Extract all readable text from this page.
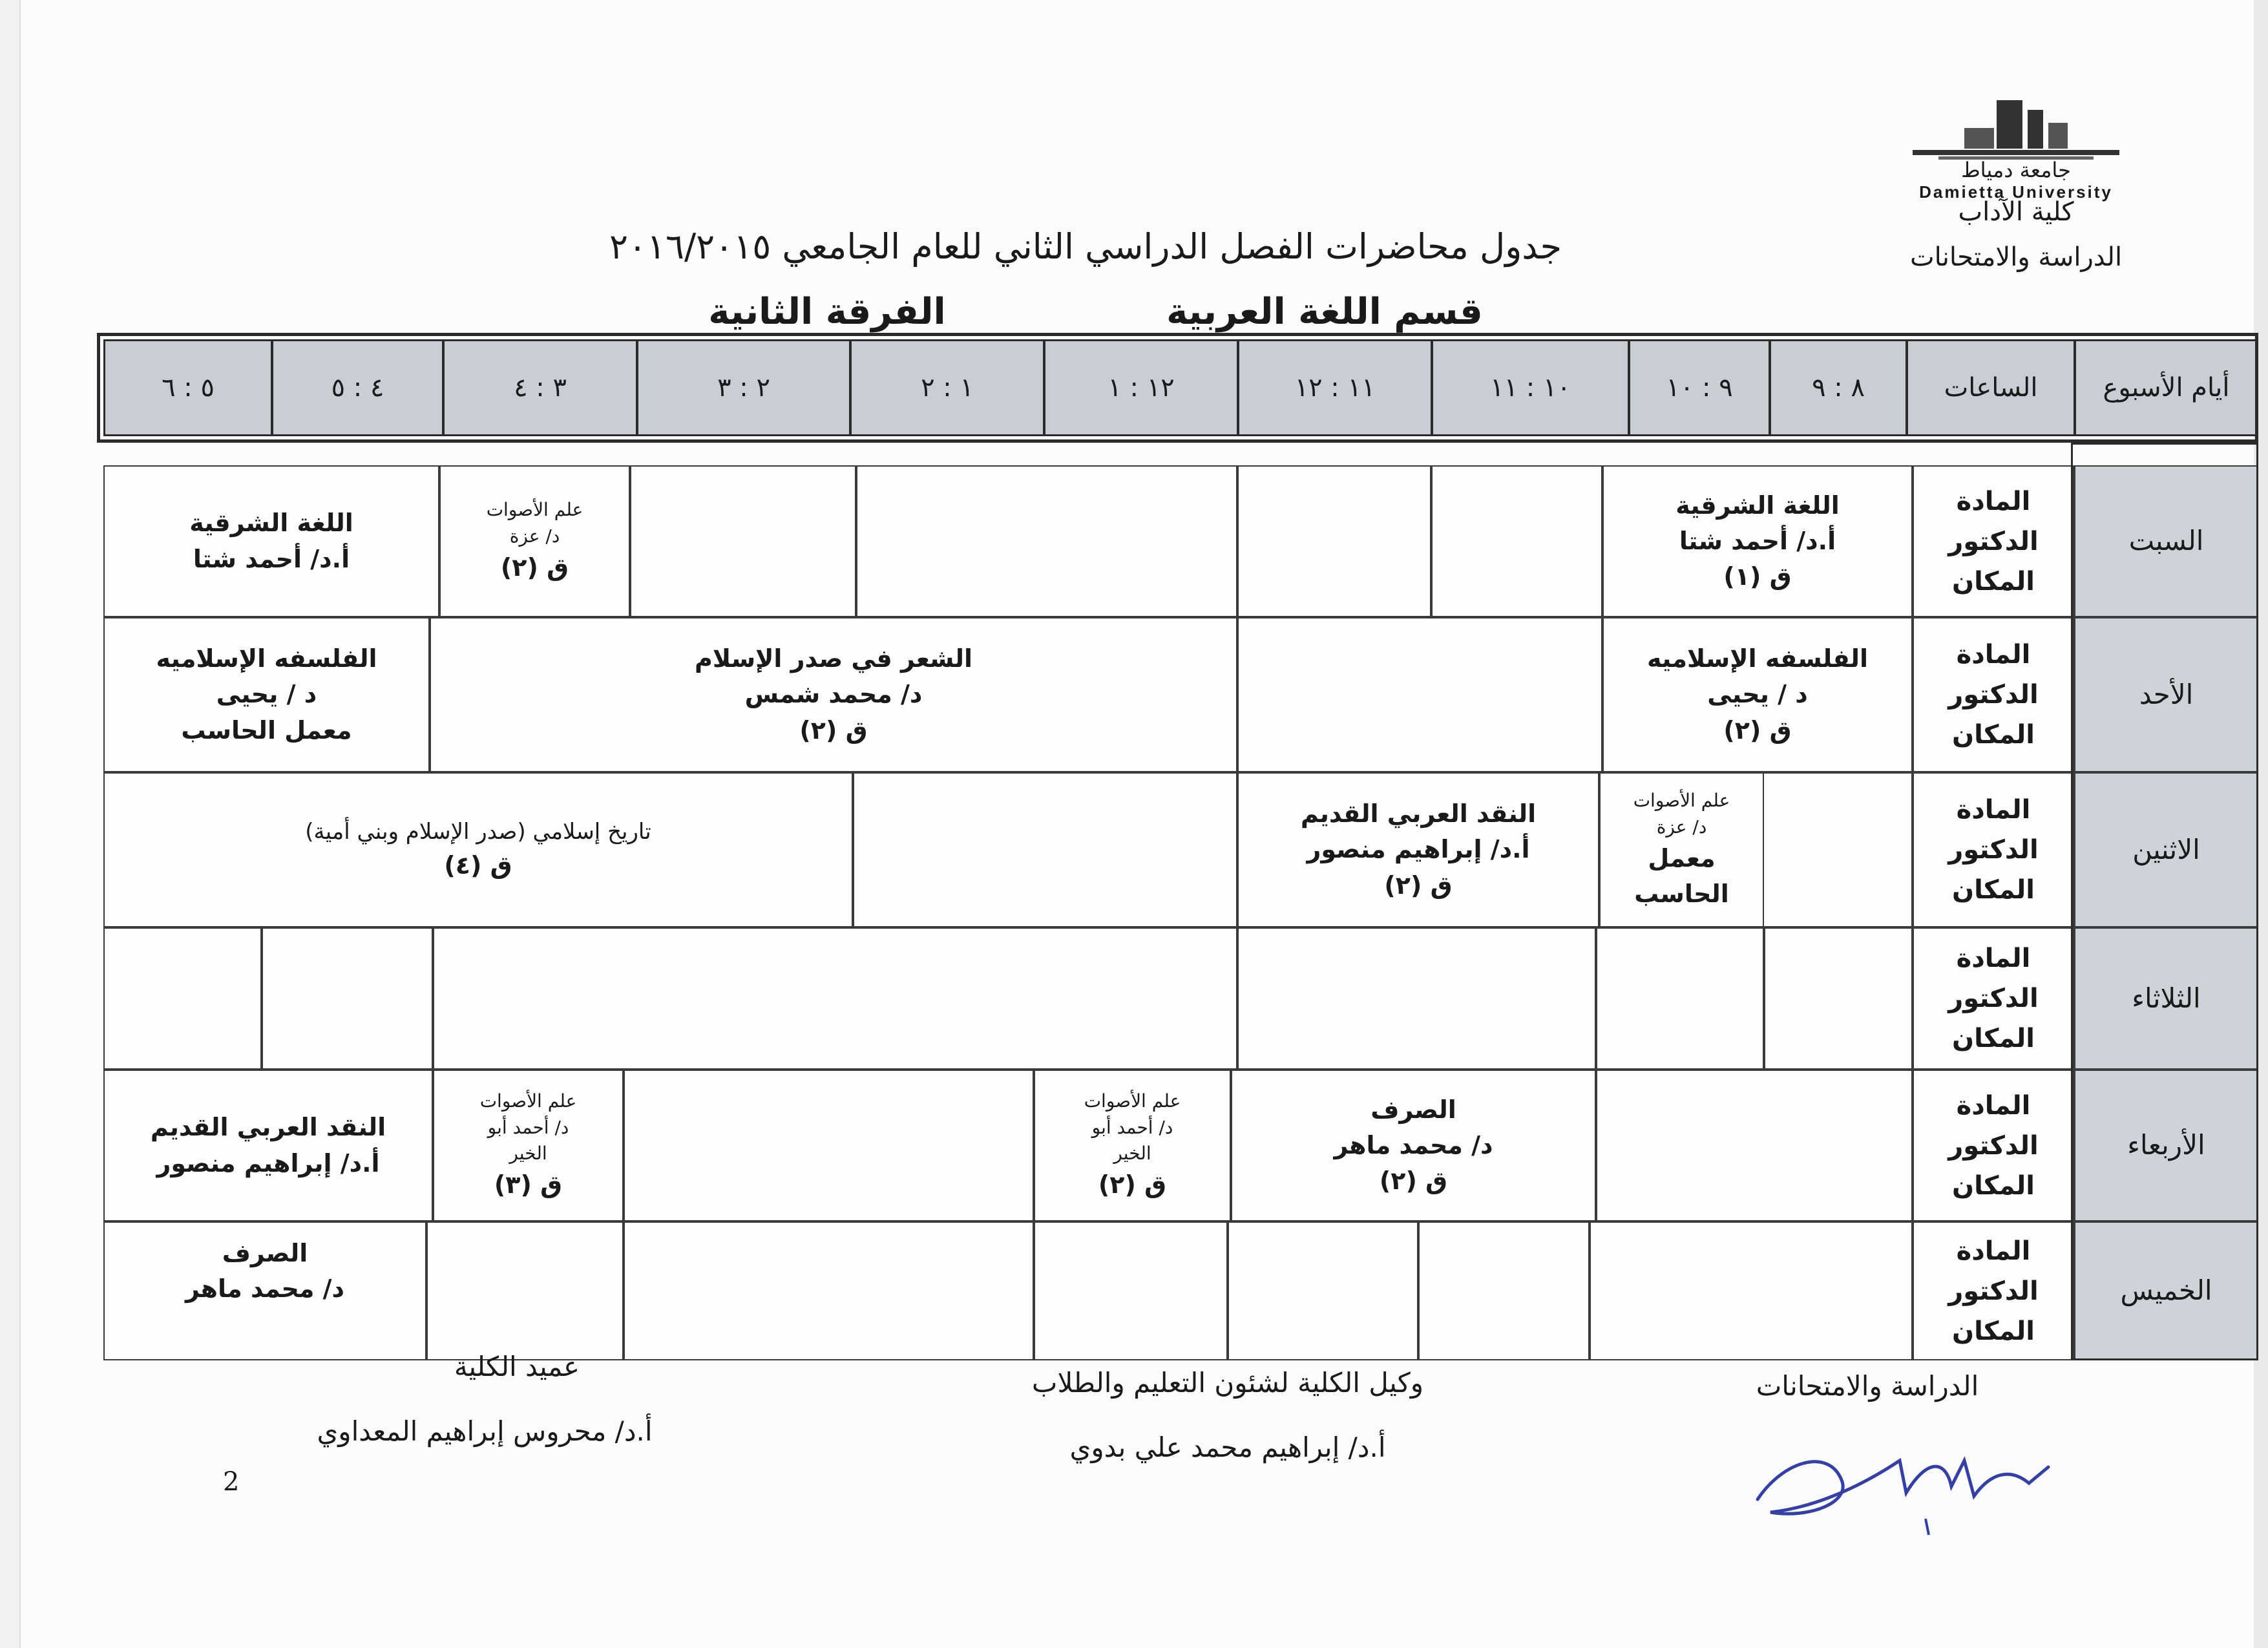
جامعة دمياط
Damietta University
كلية الآداب
الدراسة والامتحانات
جدول محاضرات الفصل الدراسي الثاني للعام الجامعي ٢٠١٦/٢٠١٥
قسم اللغة العربية
الفرقة الثانية
أيام الأسبوع
الساعات
٨ : ٩
٩ : ١٠
١٠ : ١١
١١ : ١٢
١٢ : ١
١ : ٢
٢ : ٣
٣ : ٤
٤ : ٥
٥ : ٦
السبت
الأحد
الاثنين
الثلاثاء
الأربعاء
الخميس
المادة
الدكتور
المكان
المادة
الدكتور
المكان
المادة
الدكتور
المكان
المادة
الدكتور
المكان
المادة
الدكتور
المكان
المادة
الدكتور
المكان
اللغة الشرقية
أ.د/ أحمد شتا
ق (١)
علم الأصوات
د/ عزة
ق (٢)
اللغة الشرقية
أ.د/ أحمد شتا
الفلسفه الإسلاميه
د / يحيى
ق (٢)
الشعر في صدر الإسلام
د/ محمد شمس
ق (٢)
الفلسفه الإسلاميه
د / يحيى
معمل الحاسب
علم الأصوات
د/ عزة
معمل
الحاسب
النقد العربي القديم
أ.د/ إبراهيم منصور
ق (٢)
تاريخ إسلامي (صدر الإسلام وبني أمية)
ق (٤)
الصرف
د/ محمد ماهر
ق (٢)
علم الأصوات
د/ أحمد أبو
الخير
ق (٢)
علم الأصوات
د/ أحمد أبو
الخير
ق (٣)
النقد العربي القديم
أ.د/ إبراهيم منصور
الصرف
د/ محمد ماهر
الدراسة والامتحانات
وكيل الكلية لشئون التعليم والطلاب
أ.د/ إبراهيم محمد علي بدوي
عميد الكلية
أ.د/ محروس إبراهيم المعداوي
2
